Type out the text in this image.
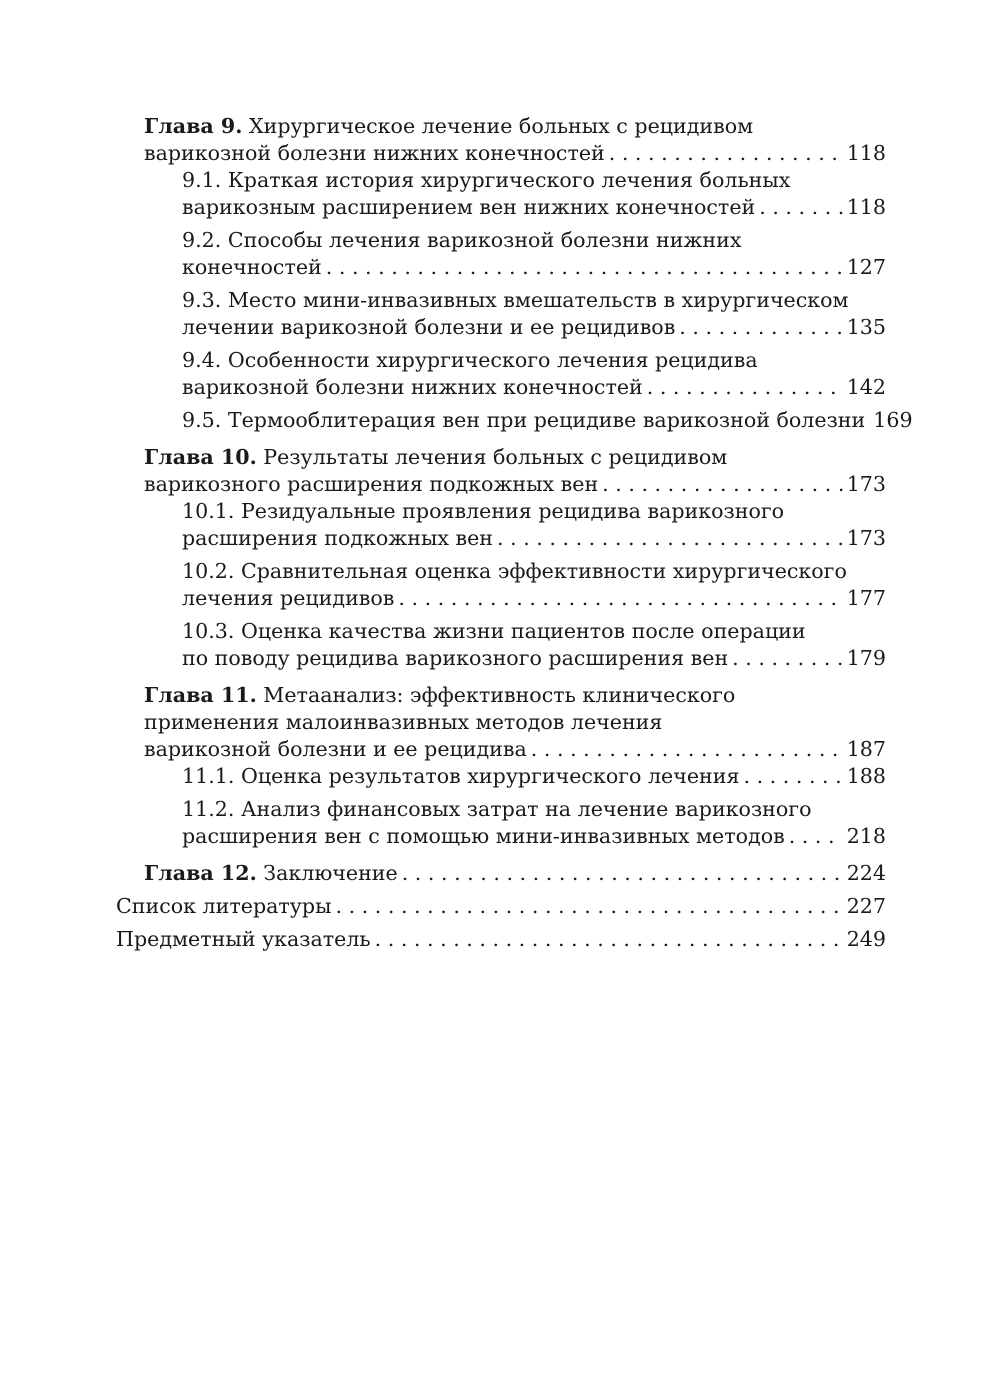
Глава 9. Хирургическое лечение больных с рецидивом
варикозной болезни нижних конечностей . . .	118
9.1. Краткая история хирургического лечения больных
варикозным расширением вен нижних конечностей . . .	118
9.2. Способы лечения варикозной болезни нижних
конечностей . . .	127
9.3. Место мини-инвазивных вмешательств в хирургическом
лечении варикозной болезни и ее рецидивов . . .	135
9.4. Особенности хирургического лечения рецидива
варикозной болезни нижних конечностей . . .	142
9.5. Термооблитерация вен при рецидиве варикозной болезни 169
Глава 10. Результаты лечения больных с рецидивом
варикозного расширения подкожных вен . . .	173
10.1. Резидуальные проявления рецидива варикозного
расширения подкожных вен . . .	173
10.2. Сравнительная оценка эффективности хирургического
лечения рецидивов . . .	177
10.3. Оценка качества жизни пациентов после операции
по поводу рецидива варикозного расширения вен . . .	179
Глава 11. Метаанализ: эффективность клинического
применения малоинвазивных методов лечения
варикозной болезни и ее рецидива . . .	187
11.1. Оценка результатов хирургического лечения . . .	188
11.2. Анализ финансовых затрат на лечение варикозного
расширения вен с помощью мини-инвазивных методов . . .	218
Глава 12. Заключение . . .	224
Список литературы . . .	227
Предметный указатель . . .	249
